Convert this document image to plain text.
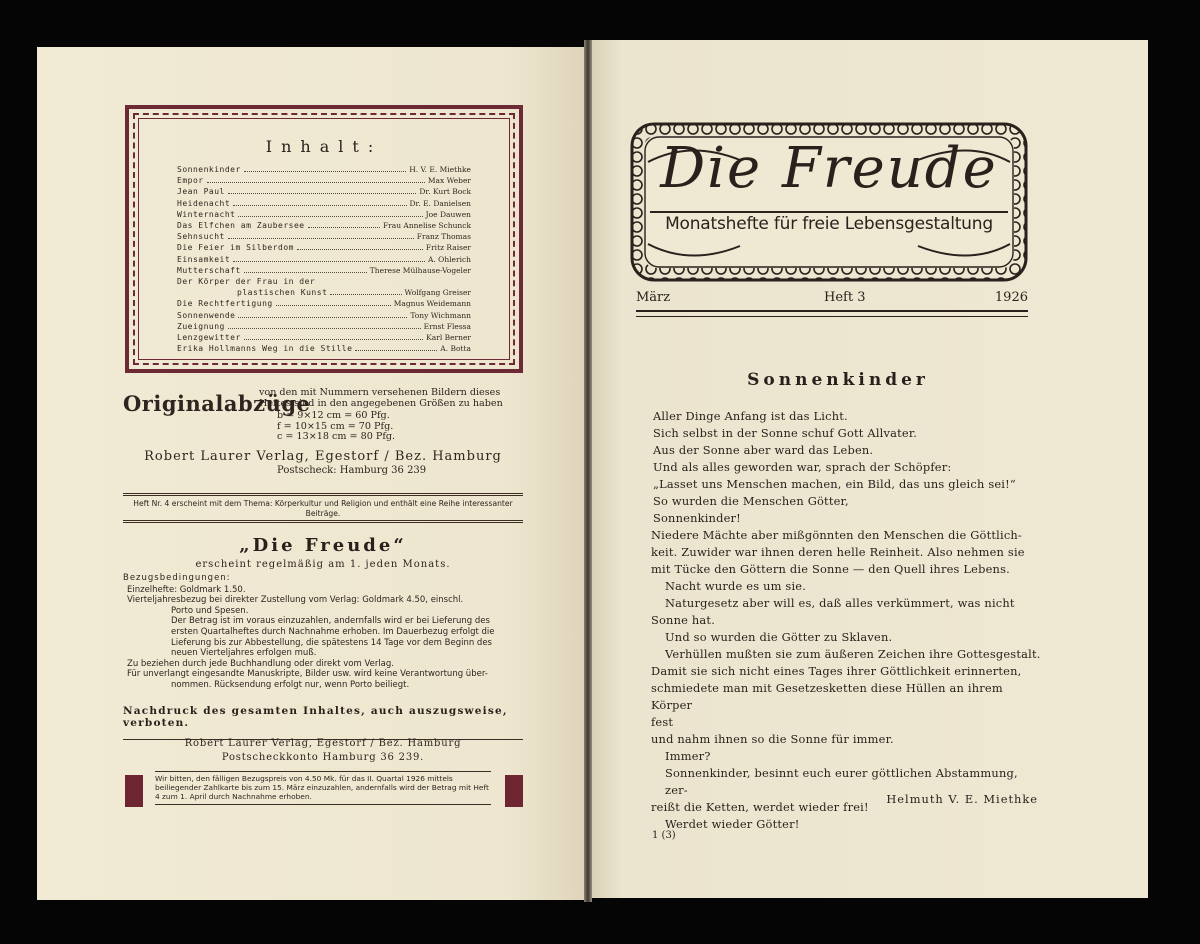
Inhalt:
Sonnenkinder	H. V. E. Miethke
Empor	Max Weber
Jean Paul	Dr. Kurt Bock
Heidenacht	Dr. E. Danielsen
Winternacht	Joe Dauwen
Das Elfchen am Zaubersee	Frau Annelise Schunck
Sehnsucht	Franz Thomas
Die Feier im Silberdom	Fritz Raiser
Einsamkeit	A. Ohlerich
Mutterschaft	Therese Mülhause-Vogeler
Der Körper der Frau in der
plastischen Kunst	Wolfgang Greiser
Die Rechtfertigung	Magnus Weidemann
Sonnenwende	Tony Wichmann
Zueignung	Ernst Flessa
Lenzgewitter	Karl Berner
Erika Hollmanns Weg in die Stille	A. Botta
Originalabzüge
von den mit Nummern versehenen Bildern dieses Heftes sind in den angegebenen Größen zu haben
b = 9×12 cm = 60 Pfg.
f = 10×15 cm = 70 Pfg.
c = 13×18 cm = 80 Pfg.
Robert Laurer Verlag, Egestorf / Bez. Hamburg
Postscheck: Hamburg 36 239
Heft Nr. 4 erscheint mit dem Thema: Körperkultur und Religion und enthält eine Reihe interessanter Beiträge.
„Die Freude“
erscheint regelmäßig am 1. jeden Monats.
Bezugsbedingungen:
Einzelhefte: Goldmark 1.50.
Vierteljahresbezug bei direkter Zustellung vom Verlag: Goldmark 4.50, einschl.
Porto und Spesen.
Der Betrag ist im voraus einzuzahlen, andernfalls wird er bei Lieferung des
ersten Quartalheftes durch Nachnahme erhoben. Im Dauerbezug erfolgt die
Lieferung bis zur Abbestellung, die spätestens 14 Tage vor dem Beginn des
neuen Vierteljahres erfolgen muß.
Zu beziehen durch jede Buchhandlung oder direkt vom Verlag.
Für unverlangt eingesandte Manuskripte, Bilder usw. wird keine Verantwortung über-
nommen. Rücksendung erfolgt nur, wenn Porto beiliegt.
Nachdruck des gesamten Inhaltes, auch auszugsweise, verboten.
Robert Laurer Verlag, Egestorf / Bez. Hamburg
Postscheckkonto Hamburg 36 239.
Wir bitten, den fälligen Bezugspreis von 4.50 Mk. für das II. Quartal 1926 mittels beiliegender Zahlkarte bis zum 15. März einzuzahlen, andernfalls wird der Betrag mit Heft 4 zum 1. April durch Nachnahme erhoben.
Die Freude
Monatshefte für freie Lebensgestaltung
März	Heft 3	1926
Sonnenkinder
Aller Dinge Anfang ist das Licht.
Sich selbst in der Sonne schuf Gott Allvater.
Aus der Sonne aber ward das Leben.
Und als alles geworden war, sprach der Schöpfer:
„Lasset uns Menschen machen, ein Bild, das uns gleich sei!“
So wurden die Menschen Götter,
Sonnenkinder!
Niedere Mächte aber mißgönnten den Menschen die Göttlich-
keit. Zuwider war ihnen deren helle Reinheit. Also nehmen sie
mit Tücke den Göttern die Sonne — den Quell ihres Lebens.
Nacht wurde es um sie.
Naturgesetz aber will es, daß alles verkümmert, was nicht
Sonne hat.
Und so wurden die Götter zu Sklaven.
Verhüllen mußten sie zum äußeren Zeichen ihre Gottesgestalt.
Damit sie sich nicht eines Tages ihrer Göttlichkeit erinnerten,
schmiedete man mit Gesetzesketten diese Hüllen an ihrem Körper
fest
und nahm ihnen so die Sonne für immer.
Immer?
Sonnenkinder, besinnt euch eurer göttlichen Abstammung, zer-
reißt die Ketten, werdet wieder frei!
Werdet wieder Götter!
Helmuth V. E. Miethke
1 (3)
